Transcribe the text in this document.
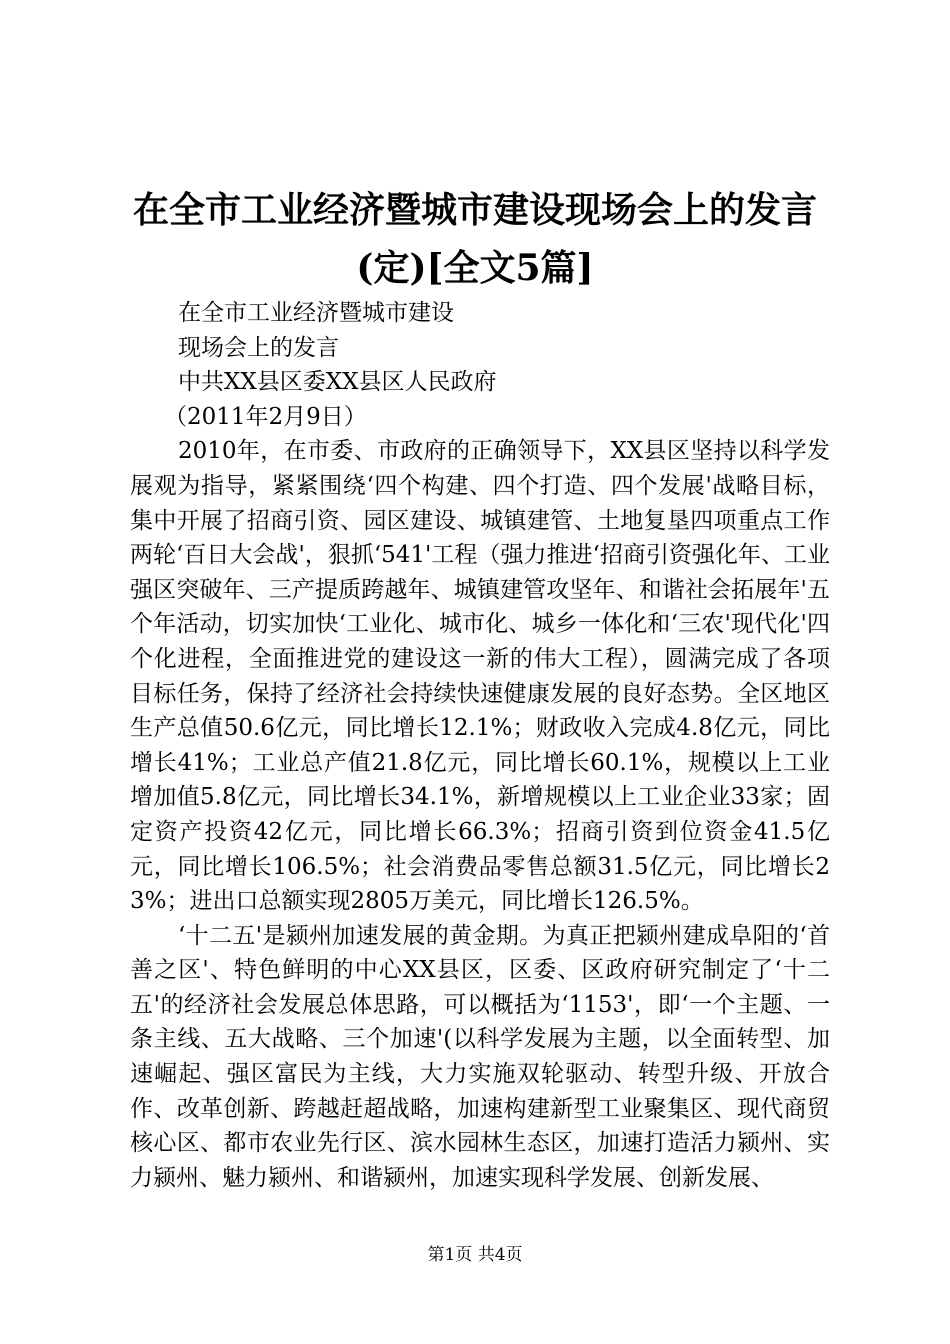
在全市工业经济暨城市建设现场会上的发言
(定)[全文5篇]

在全市工业经济暨城市建设

现场会上的发言

中共XX县区委XX县区人民政府

（2011年2月9日）

2010年，在市委、市政府的正确领导下，XX县区坚持以科学发展观为指导，紧紧围绕‘四个构建、四个打造、四个发展'战略目标，集中开展了招商引资、园区建设、城镇建管、土地复垦四项重点工作两轮‘百日大会战'，狠抓‘541'工程（强力推进‘招商引资强化年、工业强区突破年、三产提质跨越年、城镇建管攻坚年、和谐社会拓展年'五个年活动，切实加快‘工业化、城市化、城乡一体化和‘三农'现代化'四个化进程，全面推进党的建设这一新的伟大工程），圆满完成了各项目标任务，保持了经济社会持续快速健康发展的良好态势。全区地区生产总值50.6亿元，同比增长12.1%；财政收入完成4.8亿元，同比增长41%；工业总产值21.8亿元，同比增长60.1%，规模以上工业增加值5.8亿元，同比增长34.1%，新增规模以上工业企业33家；固定资产投资42亿元，同比增长66.3%；招商引资到位资金41.5亿元，同比增长106.5%；社会消费品零售总额31.5亿元，同比增长23%；进出口总额实现2805万美元，同比增长126.5%。

‘十二五'是颍州加速发展的黄金期。为真正把颍州建成阜阳的‘首善之区'、特色鲜明的中心XX县区，区委、区政府研究制定了‘十二五'的经济社会发展总体思路，可以概括为‘1153'，即‘一个主题、一条主线、五大战略、三个加速'(以科学发展为主题，以全面转型、加速崛起、强区富民为主线，大力实施双轮驱动、转型升级、开放合作、改革创新、跨越赶超战略，加速构建新型工业聚集区、现代商贸核心区、都市农业先行区、滨水园林生态区，加速打造活力颍州、实力颍州、魅力颍州、和谐颍州，加速实现科学发展、创新发展、

第1页 共4页
